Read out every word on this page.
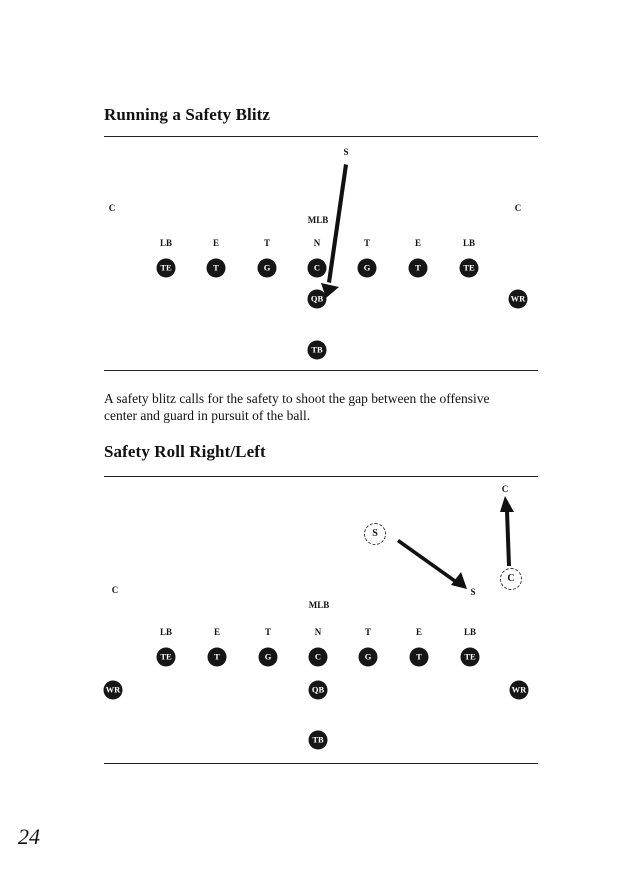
Running a Safety Blitz
S
C	C
MLB
LB	E	T	N	T	E	LB
TE	T	G	C	G	T	TE
QB	WR
TB

A safety blitz calls for the safety to shoot the gap between the offensive

center and guard in pursuit of the ball.

Safety Roll Right/Left
C
S
C
S
C
MLB
LB	E	T	N	T	E	LB
TE	T	G	C	G	T	TE
WR	QB	WR
TB

24
